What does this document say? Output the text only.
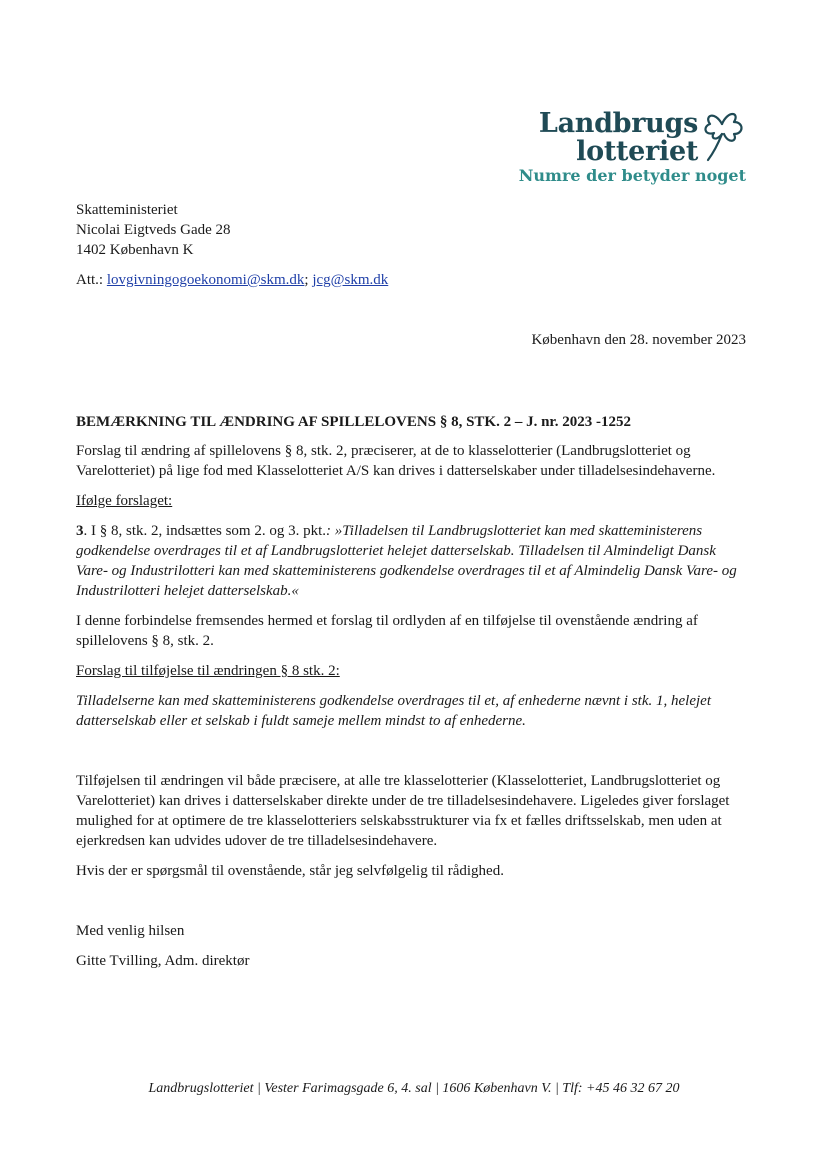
Landbrugs
lotteriet
Numre der betyder noget

Skatteministeriet

Nicolai Eigtveds Gade 28

1402 København K

Att.: lovgivningogoekonomi@skm.dk; jcg@skm.dk
København den 28. november 2023
BEMÆRKNING TIL ÆNDRING AF SPILLELOVENS § 8, STK. 2 – J. nr. 2023 -1252

Forslag til ændring af spillelovens § 8, stk. 2, præciserer, at de to klasselotterier (Landbrugslotteriet og Varelotteriet) på lige fod med Klasselotteriet A/S kan drives i datterselskaber under tilladelsesindehaverne.

Ifølge forslaget:

3. I § 8, stk. 2, indsættes som 2. og 3. pkt.: »Tilladelsen til Landbrugslotteriet kan med skatteministerens godkendelse overdrages til et af Landbrugslotteriet helejet datterselskab. Tilladelsen til Almindeligt Dansk Vare- og Industrilotteri kan med skatteministerens godkendelse overdrages til et af Almindelig Dansk Vare- og Industrilotteri helejet datterselskab.«

I denne forbindelse fremsendes hermed et forslag til ordlyden af en tilføjelse til ovenstående ændring af spillelovens § 8, stk. 2.

Forslag til tilføjelse til ændringen § 8 stk. 2:

Tilladelserne kan med skatteministerens godkendelse overdrages til et, af enhederne nævnt i stk. 1, helejet datterselskab eller et selskab i fuldt sameje mellem mindst to af enhederne.

Tilføjelsen til ændringen vil både præcisere, at alle tre klasselotterier (Klasselotteriet, Landbrugslotteriet og Varelotteriet) kan drives i datterselskaber direkte under de tre tilladelsesindehavere. Ligeledes giver forslaget mulighed for at optimere de tre klasselotteriers selskabsstrukturer via fx et fælles driftsselskab, men uden at ejerkredsen kan udvides udover de tre tilladelsesindehavere.

Hvis der er spørgsmål til ovenstående, står jeg selvfølgelig til rådighed.

Med venlig hilsen

Gitte Tvilling, Adm. direktør

Landbrugslotteriet | Vester Farimagsgade 6, 4. sal | 1606 København V. | Tlf: +45 46 32 67 20
